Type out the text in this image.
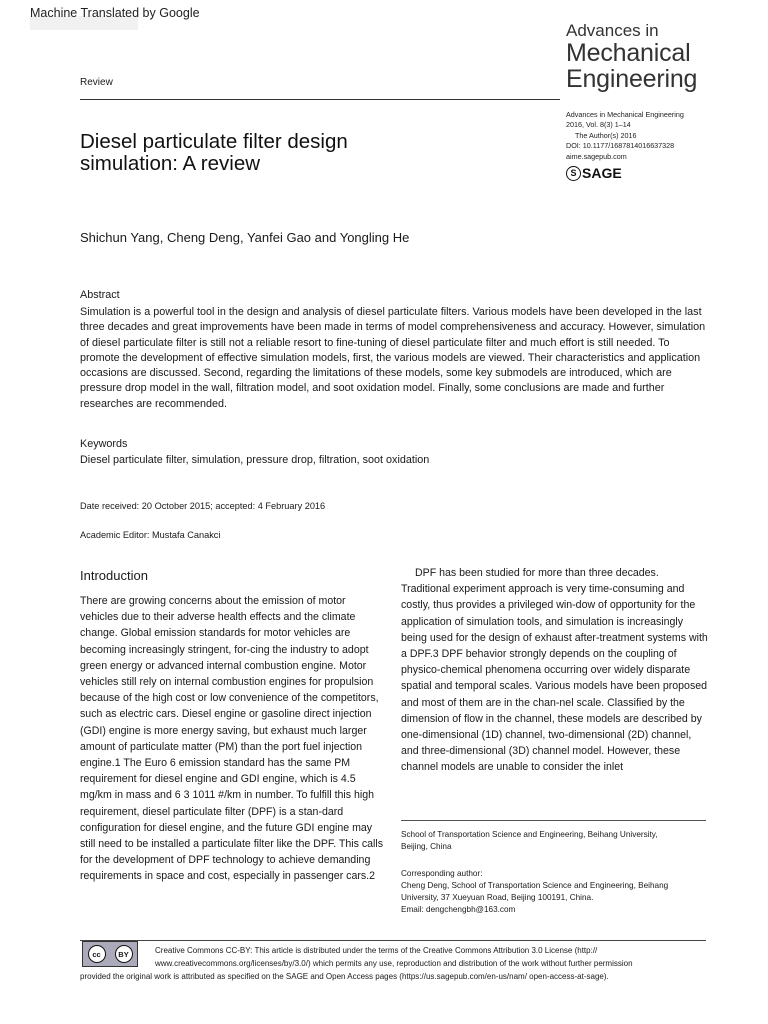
Machine Translated by Google
Advances in
Mechanical
Engineering
Review
Advances in Mechanical Engineering
2016, Vol. 8(3) 1–14
The Author(s) 2016
DOI: 10.1177/1687814016637328
aime.sagepub.com
S SAGE
Diesel particulate filter design
simulation: A review
Shichun Yang, Cheng Deng, Yanfei Gao and Yongling He
Abstract

Simulation is a powerful tool in the design and analysis of diesel particulate filters. Various models have been developed in the last three decades and great improvements have been made in terms of model comprehensiveness and accuracy. However, simulation of diesel particulate filter is still not a reliable resort to fine-tuning of diesel particulate filter and much effort is still needed. To promote the development of effective simulation models, first, the various models are viewed. Their characteristics and application occasions are discussed. Second, regarding the limitations of these models, some key submodels are introduced, which are pressure drop model in the wall, filtration model, and soot oxidation model. Finally, some conclusions are made and further researches are recommended.

Keywords
Diesel particulate filter, simulation, pressure drop, filtration, soot oxidation
Date received: 20 October 2015; accepted: 4 February 2016
Academic Editor: Mustafa Canakci
Introduction

There are growing concerns about the emission of motor vehicles due to their adverse health effects and the climate change. Global emission standards for motor vehicles are becoming increasingly stringent, for-cing the industry to adopt green energy or advanced internal combustion engine. Motor vehicles still rely on internal combustion engines for propulsion because of the high cost or low convenience of the competitors, such as electric cars. Diesel engine or gasoline direct injection (GDI) engine is more energy saving, but exhaust much larger amount of particulate matter (PM) than the port fuel injection engine.1 The Euro 6 emission standard has the same PM requirement for diesel engine and GDI engine, which is 4.5 mg/km in mass and 6 3 1011 #/km in number. To fulfill this high requirement, diesel particulate filter (DPF) is a stan-dard configuration for diesel engine, and the future GDI engine may still need to be installed a particulate filter like the DPF. This calls for the development of DPF technology to achieve demanding requirements in space and cost, especially in passenger cars.2

DPF has been studied for more than three decades.

Traditional experiment approach is very time-consuming and costly, thus provides a privileged win-dow of opportunity for the application of simulation tools, and simulation is increasingly being used for the design of exhaust after-treatment systems with a DPF.3 DPF behavior strongly depends on the coupling of physico-chemical phenomena occurring over widely disparate spatial and temporal scales. Various models have been proposed and most of them are in the chan-nel scale. Classified by the dimension of flow in the channel, these models are described by one-dimensional (1D) channel, two-dimensional (2D) channel, and three-dimensional (3D) channel model. However, these channel models are unable to consider the inlet

School of Transportation Science and Engineering, Beihang University,
Beijing, China
Corresponding author:
Cheng Deng, School of Transportation Science and Engineering, Beihang
University, 37 Xueyuan Road, Beijing 100191, China.
Email: dengchengbh@163.com
cc	BY	Creative Commons CC-BY: This article is distributed under the terms of the Creative Commons Attribution 3.0 License (http://
www.creativecommons.org/licenses/by/3.0/) which permits any use, reproduction and distribution of the work without further permission
provided the original work is attributed as specified on the SAGE and Open Access pages (https://us.sagepub.com/en-us/nam/ open-access-at-sage).
